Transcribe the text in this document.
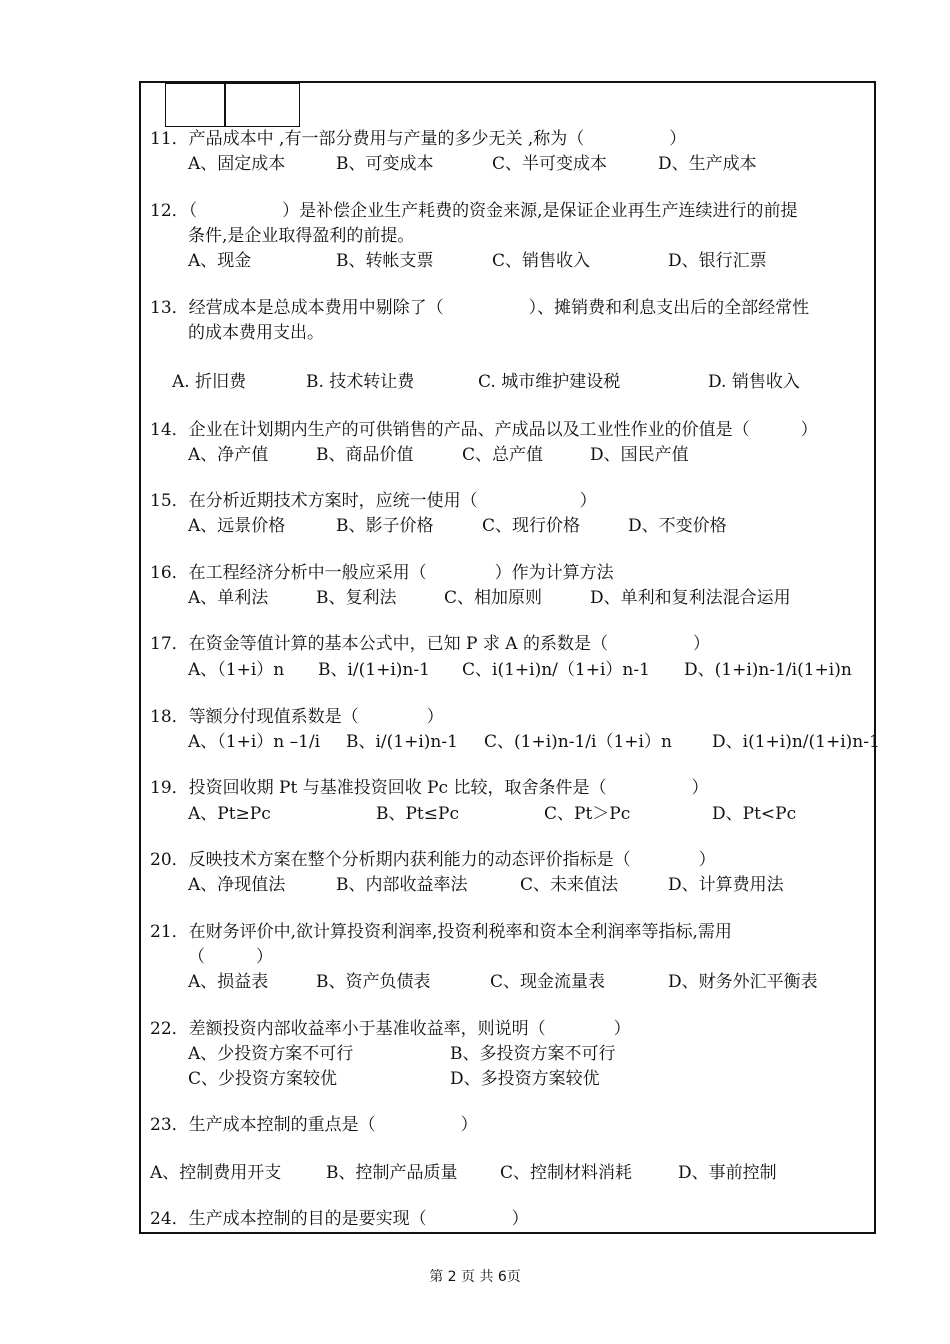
11．产品成本中 ,有一部分费用与产量的多少无关 ,称为（　　　　　）
A、固定成本	B、可变成本	C、半可变成本	D、生产成本
12．（　　　　　）是补偿企业生产耗费的资金来源,是保证企业再生产连续进行的前提
条件,是企业取得盈利的前提。
A、现金	B、转帐支票	C、销售收入	D、银行汇票
13．经营成本是总成本费用中剔除了（　　　　　）、摊销费和利息支出后的全部经常性
的成本费用支出。
A. 折旧费	B. 技术转让费	C. 城市维护建设税	D. 销售收入
14．企业在计划期内生产的可供销售的产品、产成品以及工业性作业的价值是（　　　）
A、净产值	B、商品价值	C、总产值	D、国民产值
15．在分析近期技术方案时，应统一使用（　　　　　　）
A、远景价格	B、影子价格	C、现行价格	D、不变价格
16．在工程经济分析中一般应采用（　　　　）作为计算方法
A、单利法	B、复利法	C、相加原则	D、单利和复利法混合运用
17．在资金等值计算的基本公式中，已知 P 求 A 的系数是（　　　　　）
A、（1+i）n B、i/(1+i)n-1 C、i(1+i)n/（1+i）n-1 D、(1+i)n-1/i(1+i)n
18．等额分付现值系数是（　　　　）
A、（1+i）n –1/i B、i/(1+i)n-1 C、(1+i)n-1/i（1+i）n D、i(1+i)n/(1+i)n-1
19．投资回收期 Pt 与基准投资回收 Pc 比较，取舍条件是（　　　　　）
A、Pt≥Pc	B、Pt≤Pc	C、Pt＞Pc	D、Pt<Pc
20．反映技术方案在整个分析期内获利能力的动态评价指标是（　　　　）
A、净现值法	B、内部收益率法	C、未来值法	D、计算费用法
21．在财务评价中,欲计算投资利润率,投资利税率和资本全利润率等指标,需用
（　　　）
A、损益表	B、资产负债表	C、现金流量表	D、财务外汇平衡表
22．差额投资内部收益率小于基准收益率，则说明（　　　　）
A、少投资方案不可行	B、多投资方案不可行
C、少投资方案较优	D、多投资方案较优
23．生产成本控制的重点是（　　　　　）
A、控制费用开支	B、控制产品质量	C、控制材料消耗	D、事前控制
24．生产成本控制的目的是要实现（　　　　　）
第 2 页 共 6页
